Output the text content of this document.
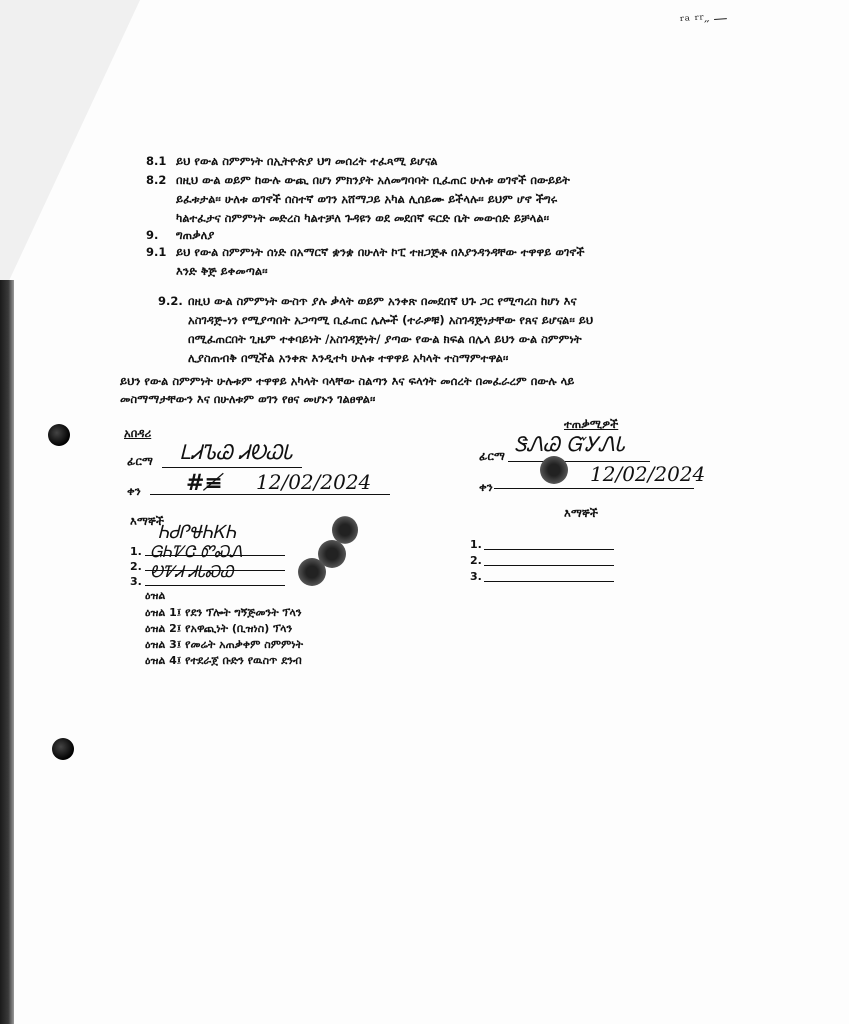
ʳᵃ ʳʳ˶ —
8.1 ይህ የውል ስምምነት በኢትዮጵያ ህግ መሰረት ተፈጻሚ ይሆናል
8.2 በዚህ ውል ወይም ከውሉ ውጪ በሆነ ምክንያት አለመግባባት ቢፈጠር ሁለቱ ወገኖች በውይይት
ይፈቱታል፡፡ ሁለቱ ወገኖች ሰስተኛ ወገን አሸማጋይ አካል ሊሰይሙ ይችላሉ፡፡ ይህም ሆኖ ችግሩ
ካልተፈታና ስምምነት መድረስ ካልተቻለ ጉዳዩን ወደ መደበኛ ፍርድ ቤት መውሰድ ይቻላል፡፡
9. ግጠቃለያ
9.1 ይህ የውል ስምምነት ሰነድ በአማርኛ ቋንቋ በሁለት ኮፒ ተዘጋጅቶ በእያንዳንዳቸው ተዋዋይ ወገኖች
እንድ ቅጅ ይቀመጣል፡፡
9.2. በዚህ ውል ስምምነት ውስጥ ያሉ ቃላት ወይም አንቀጽ በመደበኛ ህጉ ጋር የሚጣረስ ከሆነ እና
አስገዳጅ-ነን የሚያጣበት አጋጣሚ ቢፈጠር ሌሎች (ተራዎቹ) አስገዳጅነታቸው የጸና ይሆናል፡፡ ይህ
በሚፈጠርበት ጊዜም ተቀባይነት /አስገዳጅነት/ ያጣው የውል ክፍል በሌላ ይህን ውል ስምምነት
ሊያስጠብቅ በሚችል አንቀጽ እንዲተካ ሁለቱ ተዋዋይ አካላት ተስማምተዋል፡፡
ይህን የውል ስምምነት ሁሉቱም ተዋዋይ አካላት ባላቸው ስልጣን እና ፍላጎት መሰረት በመፈራረም በውሉ ላይ
መስማማታቸውን እና በሁለቱም ወገን የፀና መሆኑን ገልፀዋል፡፡
አበዳሪ
ፊርማ ᏞᏗᏖᏊ ᏗᎧᏇᏓ
ቀን #≢ 12/02/2024
ተጠቃሚዎች
ፊርማ ᏕᏁᏊ ᏳᎩᏁᏓ
ቀን
12/02/2024
እማኞች
1.
2.
3.
ᏂᏧᎵᏠᏂᏦᏂ
ᏀᏂᏤᏣ ᏛᏍᏁ
ᎧᏤᏗ ᏗᏓᏍᏇ
እማኞች
1.
2.
3.
ዕዝል
ዕዝል 1፤ የደን ፕሎት ግኝጅመንት ፕላን
ዕዝል 2፤ የአዋጪነት (ቢዝነስ) ፕላን
ዕዝል 3፤ የመሬት አጠቃቀም ስምምነት
ዕዝል 4፤ የተደራጀ ቡድን የዉስጥ ደንብ
